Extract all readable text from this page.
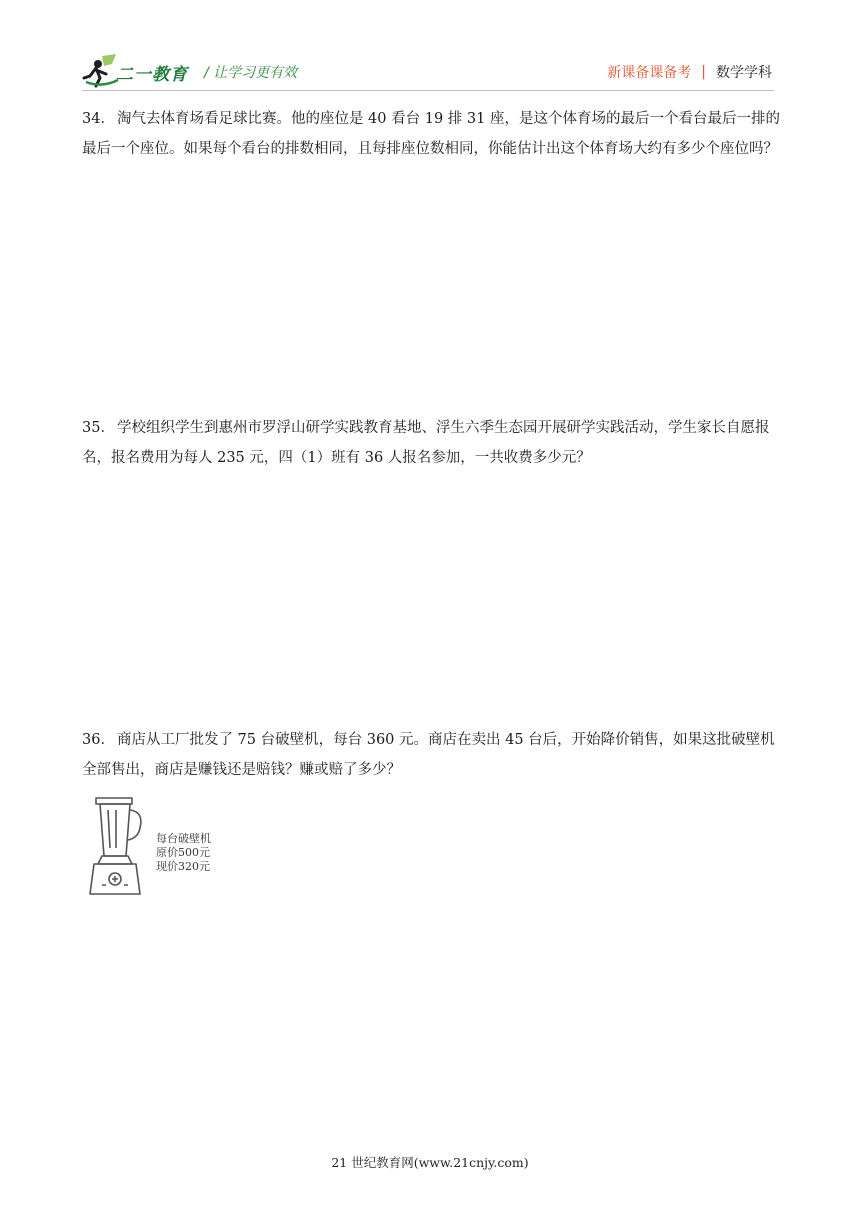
二一教育 / 让学习更有效	新课备课备考 | 数学学科
34． 淘气去体育场看足球比赛。他的座位是 40 看台 19 排 31 座，是这个体育场的最后一个看台最后一排的最后一个座位。如果每个看台的排数相同，且每排座位数相同，你能估计出这个体育场大约有多少个座位吗？
35． 学校组织学生到惠州市罗浮山研学实践教育基地、浮生六季生态园开展研学实践活动，学生家长自愿报名，报名费用为每人 235 元，四（1）班有 36 人报名参加，一共收费多少元？
36． 商店从工厂批发了 75 台破壁机，每台 360 元。商店在卖出 45 台后，开始降价销售，如果这批破壁机全部售出，商店是赚钱还是赔钱？赚或赔了多少？
每台破壁机
原价500元
现价320元
21 世纪教育网(www.21cnjy.com)
